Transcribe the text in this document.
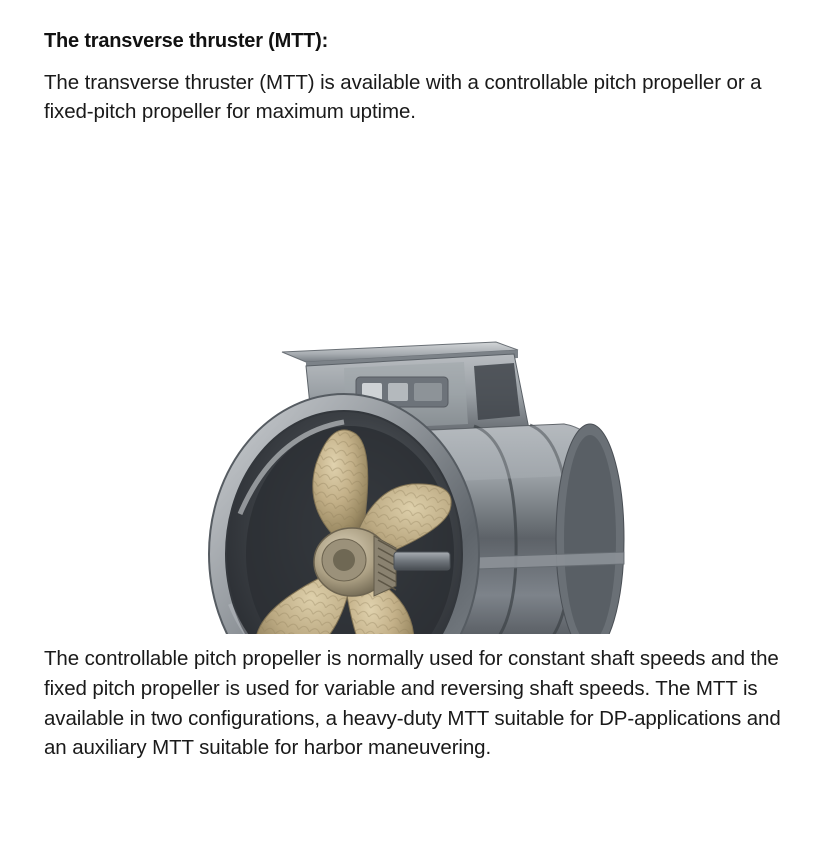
The transverse thruster (MTT):

The transverse thruster (MTT) is available with a controllable pitch propeller or a fixed-pitch propeller for maximum uptime.

The controllable pitch propeller is normally used for constant shaft speeds and the fixed pitch propeller is used for variable and reversing shaft speeds. The MTT is available in two configurations, a heavy-duty MTT suitable for DP-applications and an auxiliary MTT suitable for harbor maneuvering.
